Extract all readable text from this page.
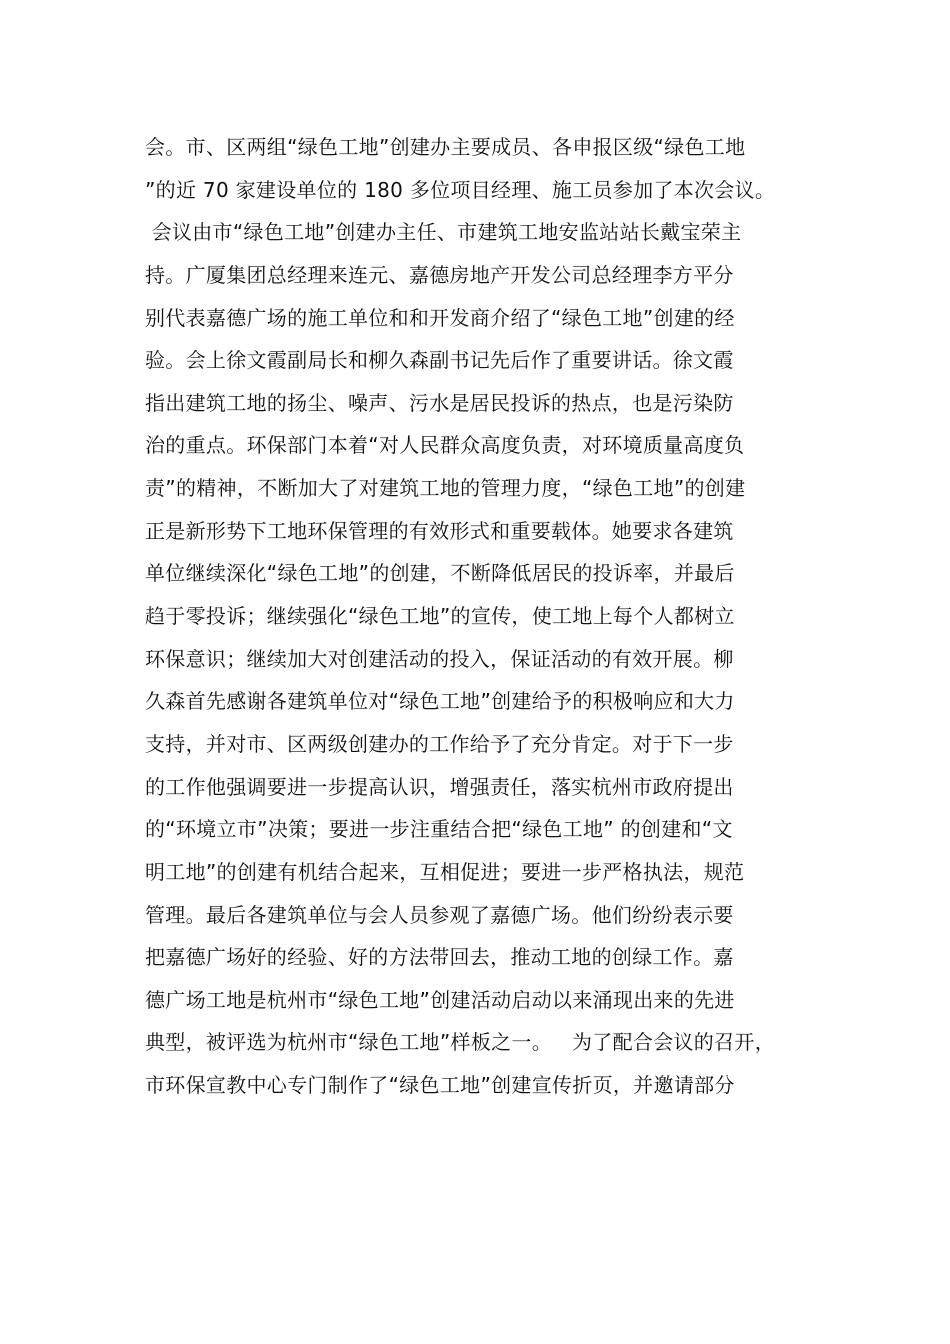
会。市、区两组“绿色工地”创建办主要成员、各申报区级“绿色工地
”的近 70 家建设单位的 180 多位项目经理、施工员参加了本次会议。
会议由市“绿色工地”创建办主任、市建筑工地安监站站长戴宝荣主
持。广厦集团总经理来连元、嘉德房地产开发公司总经理李方平分
别代表嘉德广场的施工单位和和开发商介绍了“绿色工地”创建的经
验。会上徐文霞副局长和柳久森副书记先后作了重要讲话。徐文霞
指出建筑工地的扬尘、噪声、污水是居民投诉的热点，也是污染防
治的重点。环保部门本着“对人民群众高度负责，对环境质量高度负
责”的精神，不断加大了对建筑工地的管理力度，“绿色工地”的创建
正是新形势下工地环保管理的有效形式和重要载体。她要求各建筑
单位继续深化“绿色工地”的创建，不断降低居民的投诉率，并最后
趋于零投诉；继续强化“绿色工地”的宣传，使工地上每个人都树立
环保意识；继续加大对创建活动的投入，保证活动的有效开展。柳
久森首先感谢各建筑单位对“绿色工地”创建给予的积极响应和大力
支持，并对市、区两级创建办的工作给予了充分肯定。对于下一步
的工作他强调要进一步提高认识，增强责任，落实杭州市政府提出
的“环境立市”决策；要进一步注重结合把“绿色工地” 的创建和“文
明工地”的创建有机结合起来，互相促进；要进一步严格执法，规范
管理。最后各建筑单位与会人员参观了嘉德广场。他们纷纷表示要
把嘉德广场好的经验、好的方法带回去，推动工地的创绿工作。嘉
德广场工地是杭州市“绿色工地”创建活动启动以来涌现出来的先进
典型，被评选为杭州市“绿色工地”样板之一。   为了配合会议的召开，
市环保宣教中心专门制作了“绿色工地”创建宣传折页，并邀请部分
